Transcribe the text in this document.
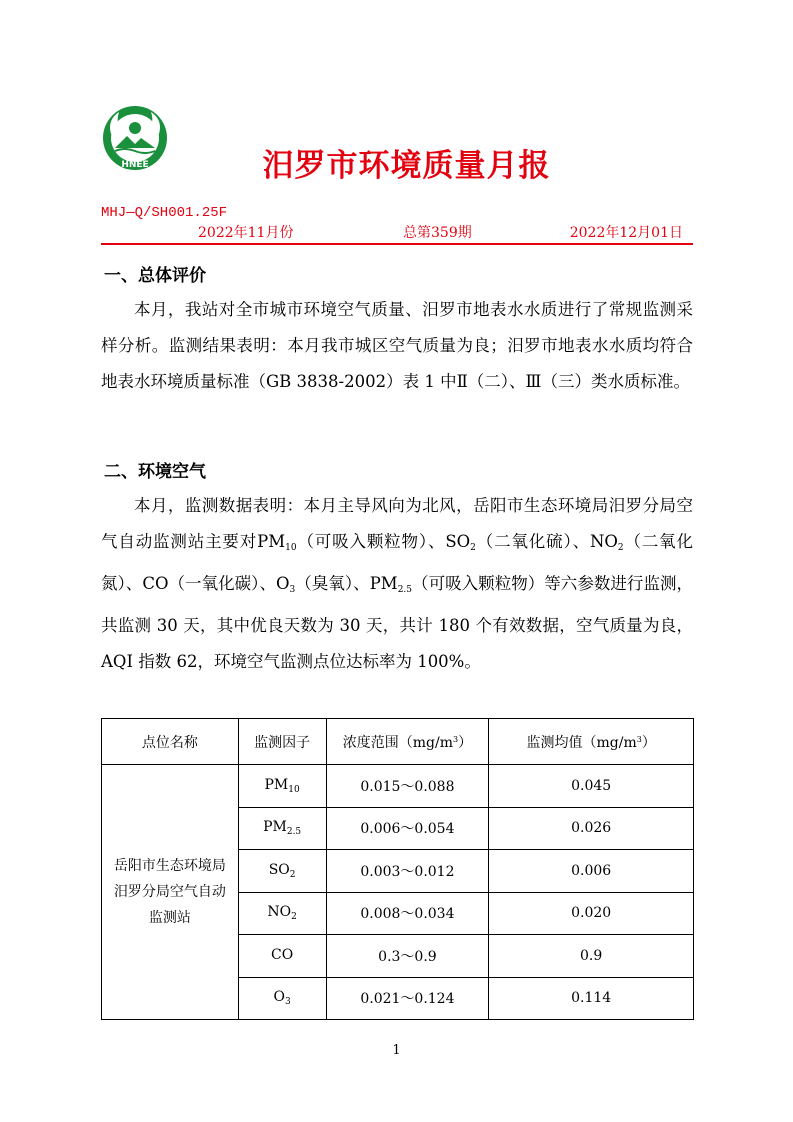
HNEE	汨罗市环境质量月报
MHJ—Q/SH001.25F
2022年11月份	总第359期	2022年12月01日
一、总体评价

本月，我站对全市城市环境空气质量、汨罗市地表水水质进行了常规监测采样分析。监测结果表明：本月我市城区空气质量为良；汨罗市地表水水质均符合地表水环境质量标准（GB 3838-2002）表 1 中Ⅱ（二）、Ⅲ（三）类水质标准。

二、环境空气

本月，监测数据表明：本月主导风向为北风，岳阳市生态环境局汨罗分局空气自动监测站主要对$PM_{10}$（可吸入颗粒物）、$SO_2$（二氧化硫）、$NO_2$（二氧化氮）、CO（一氧化碳）、$O_3$（臭氧）、$PM_{2.5}$（可吸入颗粒物）等六参数进行监测，共监测 30 天，其中优良天数为 30 天，共计 180 个有效数据，空气质量为良，AQI 指数 62，环境空气监测点位达标率为 100%。

点位名称	监测因子	浓度范围$(mg/m^3)$	监测均值$(mg/m^3)$
岳阳市生态环境局汨罗分局空气自动监测站	$PM_{10}$	0.015～0.088	0.045
	$PM_{2.5}$	0.006～0.054	0.026
	$SO_2$	0.003～0.012	0.006
	$NO_2$	0.008～0.034	0.020
	CO	0.3～0.9	0.9
	$O_3$	0.021～0.124	0.114
1
